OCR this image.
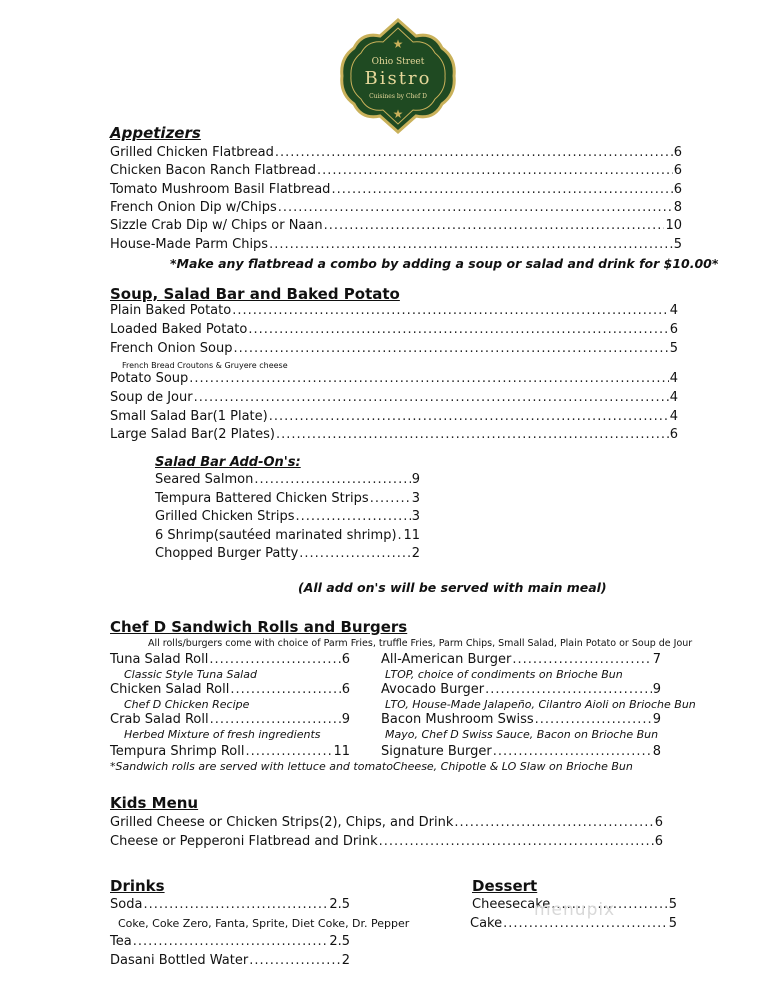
★
★
Ohio Street
Bistro
Cuisines by Chef D
Appetizers
Grilled Chicken Flatbread .....	6
Chicken Bacon Ranch Flatbread .....	6
Tomato Mushroom Basil Flatbread .....	6
French Onion Dip w/Chips .....	8
Sizzle Crab Dip w/ Chips or Naan .....	10
House-Made Parm Chips .....	5
*Make any flatbread a combo by adding a soup or salad and drink for $10.00*
Soup, Salad Bar and Baked Potato
Plain Baked Potato .....	4
Loaded Baked Potato .....	6
French Onion Soup .....	5
Potato Soup .....	4
Soup de Jour .....	4
Small Salad Bar(1 Plate) .....	4
Large Salad Bar(2 Plates) .....	6
French Bread Croutons & Gruyere cheese
Salad Bar Add-On's:
Seared Salmon .....	9
Tempura Battered Chicken Strips .....	3
Grilled Chicken Strips .....	3
6 Shrimp(sautéed marinated shrimp) ..... 11
Chopped Burger Patty .....	2
(All add on's will be served with main meal)
Chef D Sandwich Rolls and Burgers
All rolls/burgers come with choice of Parm Fries, truffle Fries, Parm Chips, Small Salad, Plain Potato or Soup de Jour
Tuna Salad Roll .....	6
Classic Style Tuna Salad
Chicken Salad Roll .....	6
Chef D Chicken Recipe
Crab Salad Roll .....	9
Herbed Mixture of fresh ingredients
Tempura Shrimp Roll .....	11
*Sandwich rolls are served with lettuce and tomato
All-American Burger .....	7
LTOP, choice of condiments on Brioche Bun
Avocado Burger .....	9
LTO, House-Made Jalapeño, Cilantro Aioli on Brioche Bun
Bacon Mushroom Swiss .....	9
Mayo, Chef D Swiss Sauce, Bacon on Brioche Bun
Signature Burger .....	8
Cheese, Chipotle & LO Slaw on Brioche Bun
Kids Menu
Grilled Cheese or Chicken Strips(2), Chips, and Drink .....	6
Cheese or Pepperoni Flatbread and Drink .....	6
Drinks
Soda .....	2.5
Tea .....	2.5
Dasani Bottled Water .....	2
Coke, Coke Zero, Fanta, Sprite, Diet Coke, Dr. Pepper
Dessert
Cheesecake .....	5
Cake .....	5
menupix
